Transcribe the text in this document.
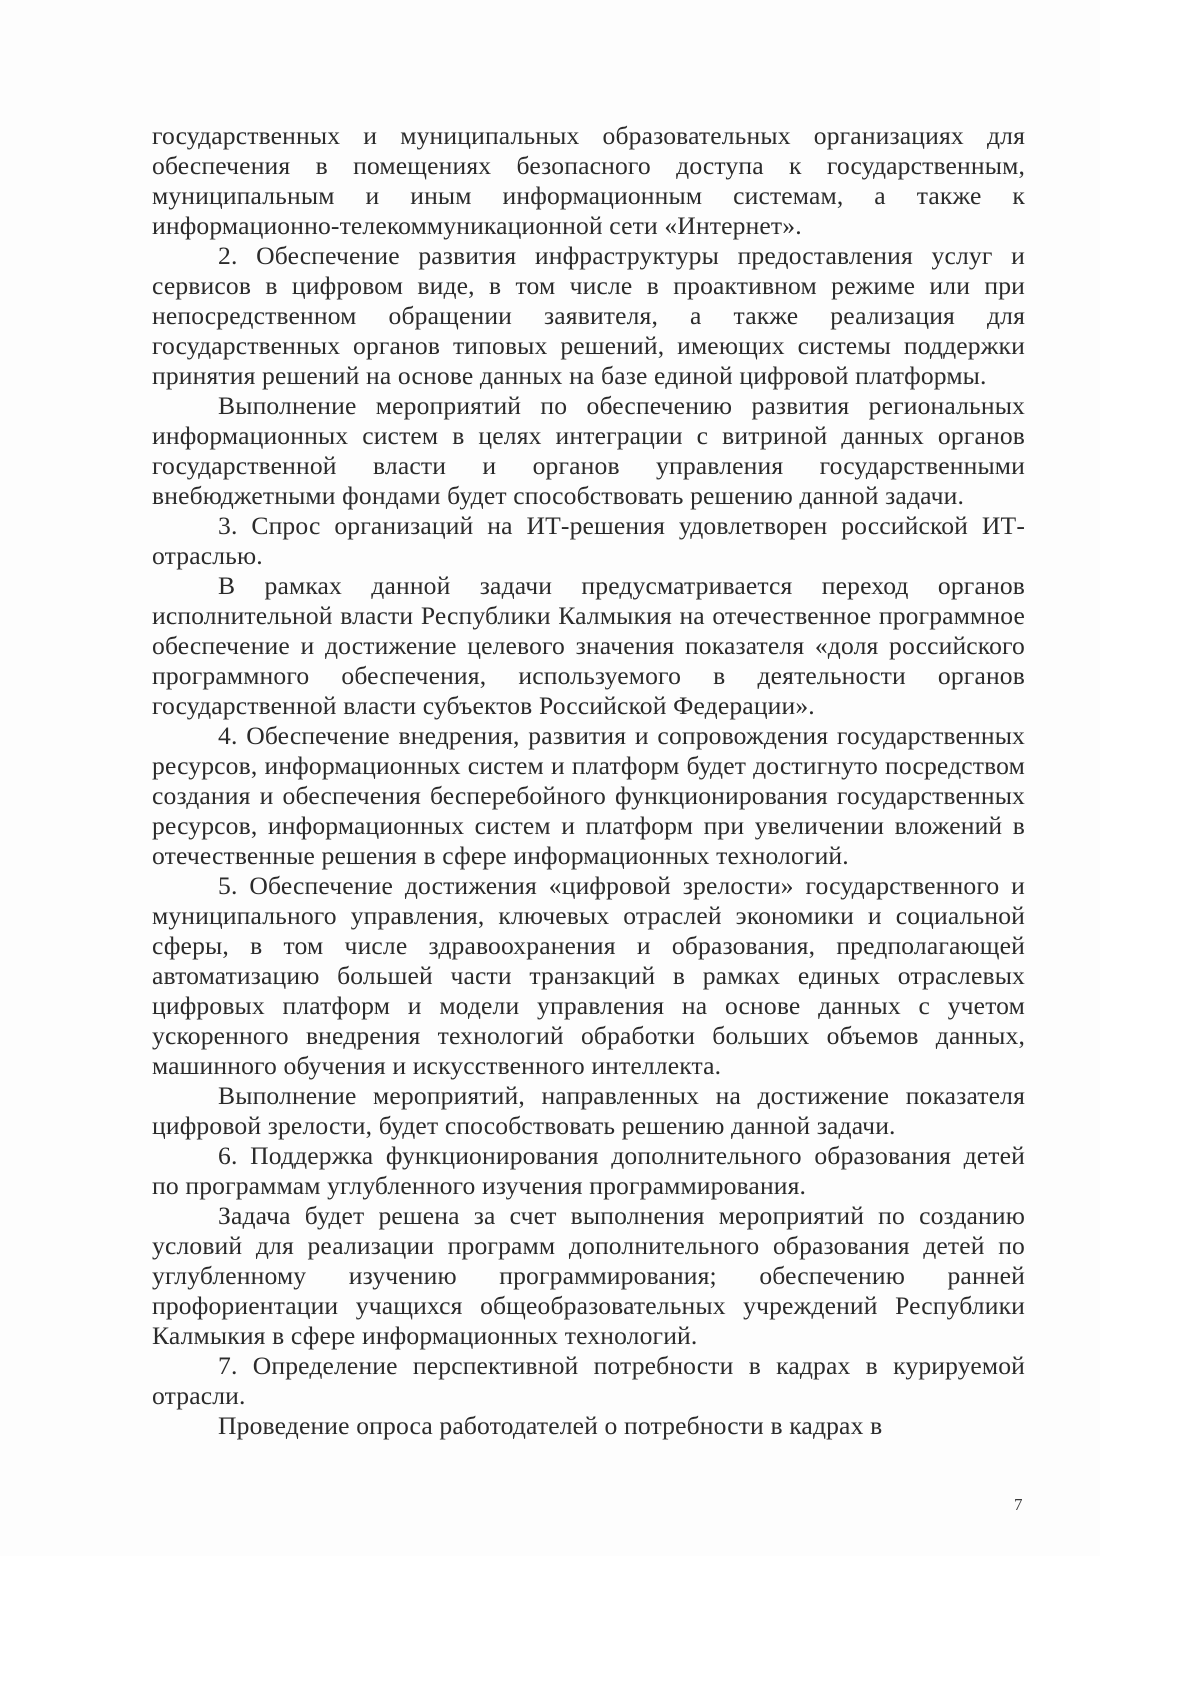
государственных и муниципальных образовательных организациях для обеспечения в помещениях безопасного доступа к государственным, муниципальным и иным информационным системам, а также к информационно-телекоммуникационной сети «Интернет».

2. Обеспечение развития инфраструктуры предоставления услуг и сервисов в цифровом виде, в том числе в проактивном режиме или при непосредственном обращении заявителя, а также реализация для государственных органов типовых решений, имеющих системы поддержки принятия решений на основе данных на базе единой цифровой платформы.

Выполнение мероприятий по обеспечению развития региональных информационных систем в целях интеграции с витриной данных органов государственной власти и органов управления государственными внебюджетными фондами будет способствовать решению данной задачи.

3. Спрос организаций на ИТ-решения удовлетворен российской ИТ-отраслью.

В рамках данной задачи предусматривается переход органов исполнительной власти Республики Калмыкия на отечественное программное обеспечение и достижение целевого значения показателя «доля российского программного обеспечения, используемого в деятельности органов государственной власти субъектов Российской Федерации».

4. Обеспечение внедрения, развития и сопровождения государственных ресурсов, информационных систем и платформ будет достигнуто посредством создания и обеспечения бесперебойного функционирования государственных ресурсов, информационных систем и платформ при увеличении вложений в отечественные решения в сфере информационных технологий.

5. Обеспечение достижения «цифровой зрелости» государственного и муниципального управления, ключевых отраслей экономики и социальной сферы, в том числе здравоохранения и образования, предполагающей автоматизацию большей части транзакций в рамках единых отраслевых цифровых платформ и модели управления на основе данных с учетом ускоренного внедрения технологий обработки больших объемов данных, машинного обучения и искусственного интеллекта.

Выполнение мероприятий, направленных на достижение показателя цифровой зрелости, будет способствовать решению данной задачи.

6. Поддержка функционирования дополнительного образования детей по программам углубленного изучения программирования.

Задача будет решена за счет выполнения мероприятий по созданию условий для реализации программ дополнительного образования детей по углубленному изучению программирования; обеспечению ранней профориентации учащихся общеобразовательных учреждений Республики Калмыкия в сфере информационных технологий.

7. Определение перспективной потребности в кадрах в курируемой отрасли.

Проведение опроса работодателей о потребности в кадрах в

7
